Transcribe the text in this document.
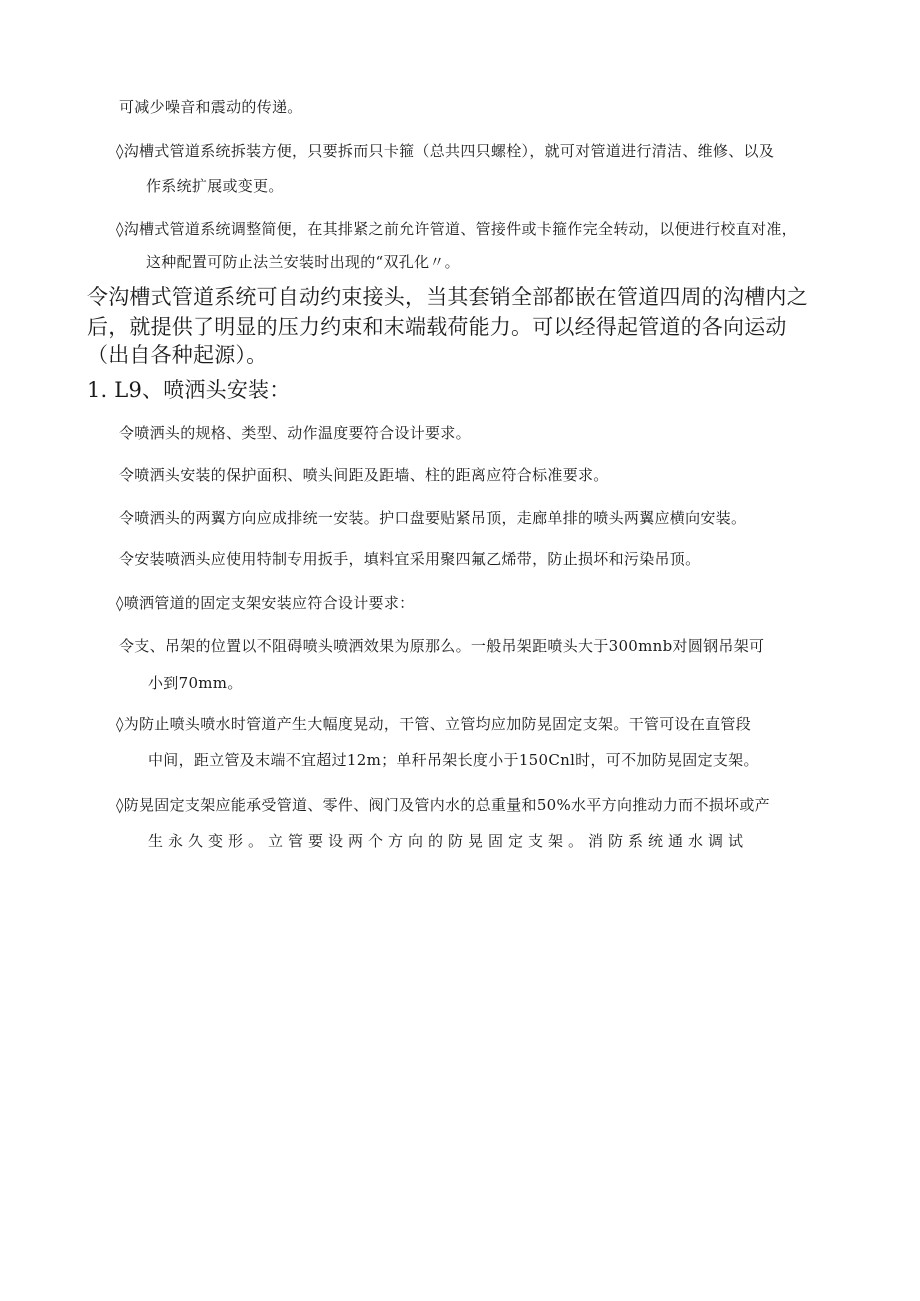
可减少噪音和震动的传递。
◊沟槽式管道系统拆装方便，只要拆而只卡箍（总共四只螺栓），就可对管道进行清洁、维修、以及
作系统扩展或变更。
◊沟槽式管道系统调整简便，在其排紧之前允许管道、管接件或卡箍作完全转动，以便进行校直对准，
这种配置可防止法兰安装时出现的“双孔化〃。
令沟槽式管道系统可自动约束接头，当其套销全部都嵌在管道四周的沟槽内之
后，就提供了明显的压力约束和末端载荷能力。可以经得起管道的各向运动
（出自各种起源）。
1. L9、喷洒头安装：
令喷洒头的规格、类型、动作温度要符合设计要求。
令喷洒头安装的保护面积、喷头间距及距墙、柱的距离应符合标准要求。
令喷洒头的两翼方向应成排统一安装。护口盘要贴紧吊顶，走廊单排的喷头两翼应横向安装。
令安装喷洒头应使用特制专用扳手，填料宜采用聚四氟乙烯带，防止损坏和污染吊顶。
◊喷洒管道的固定支架安装应符合设计要求：
令支、吊架的位置以不阻碍喷头喷洒效果为原那么。一般吊架距喷头大于300mnb对圆钢吊架可
小到70mm。
◊为防止喷头喷水时管道产生大幅度晃动，干管、立管均应加防晃固定支架。干管可设在直管段
中间，距立管及末端不宜超过12m；单秆吊架长度小于150Cnl时，可不加防晃固定支架。
◊防晃固定支架应能承受管道、零件、阀门及管内水的总重量和50%水平方向推动力而不损坏或产
生永久变形。立管要设两个方向的防晃固定支架。消防系统通水调试
